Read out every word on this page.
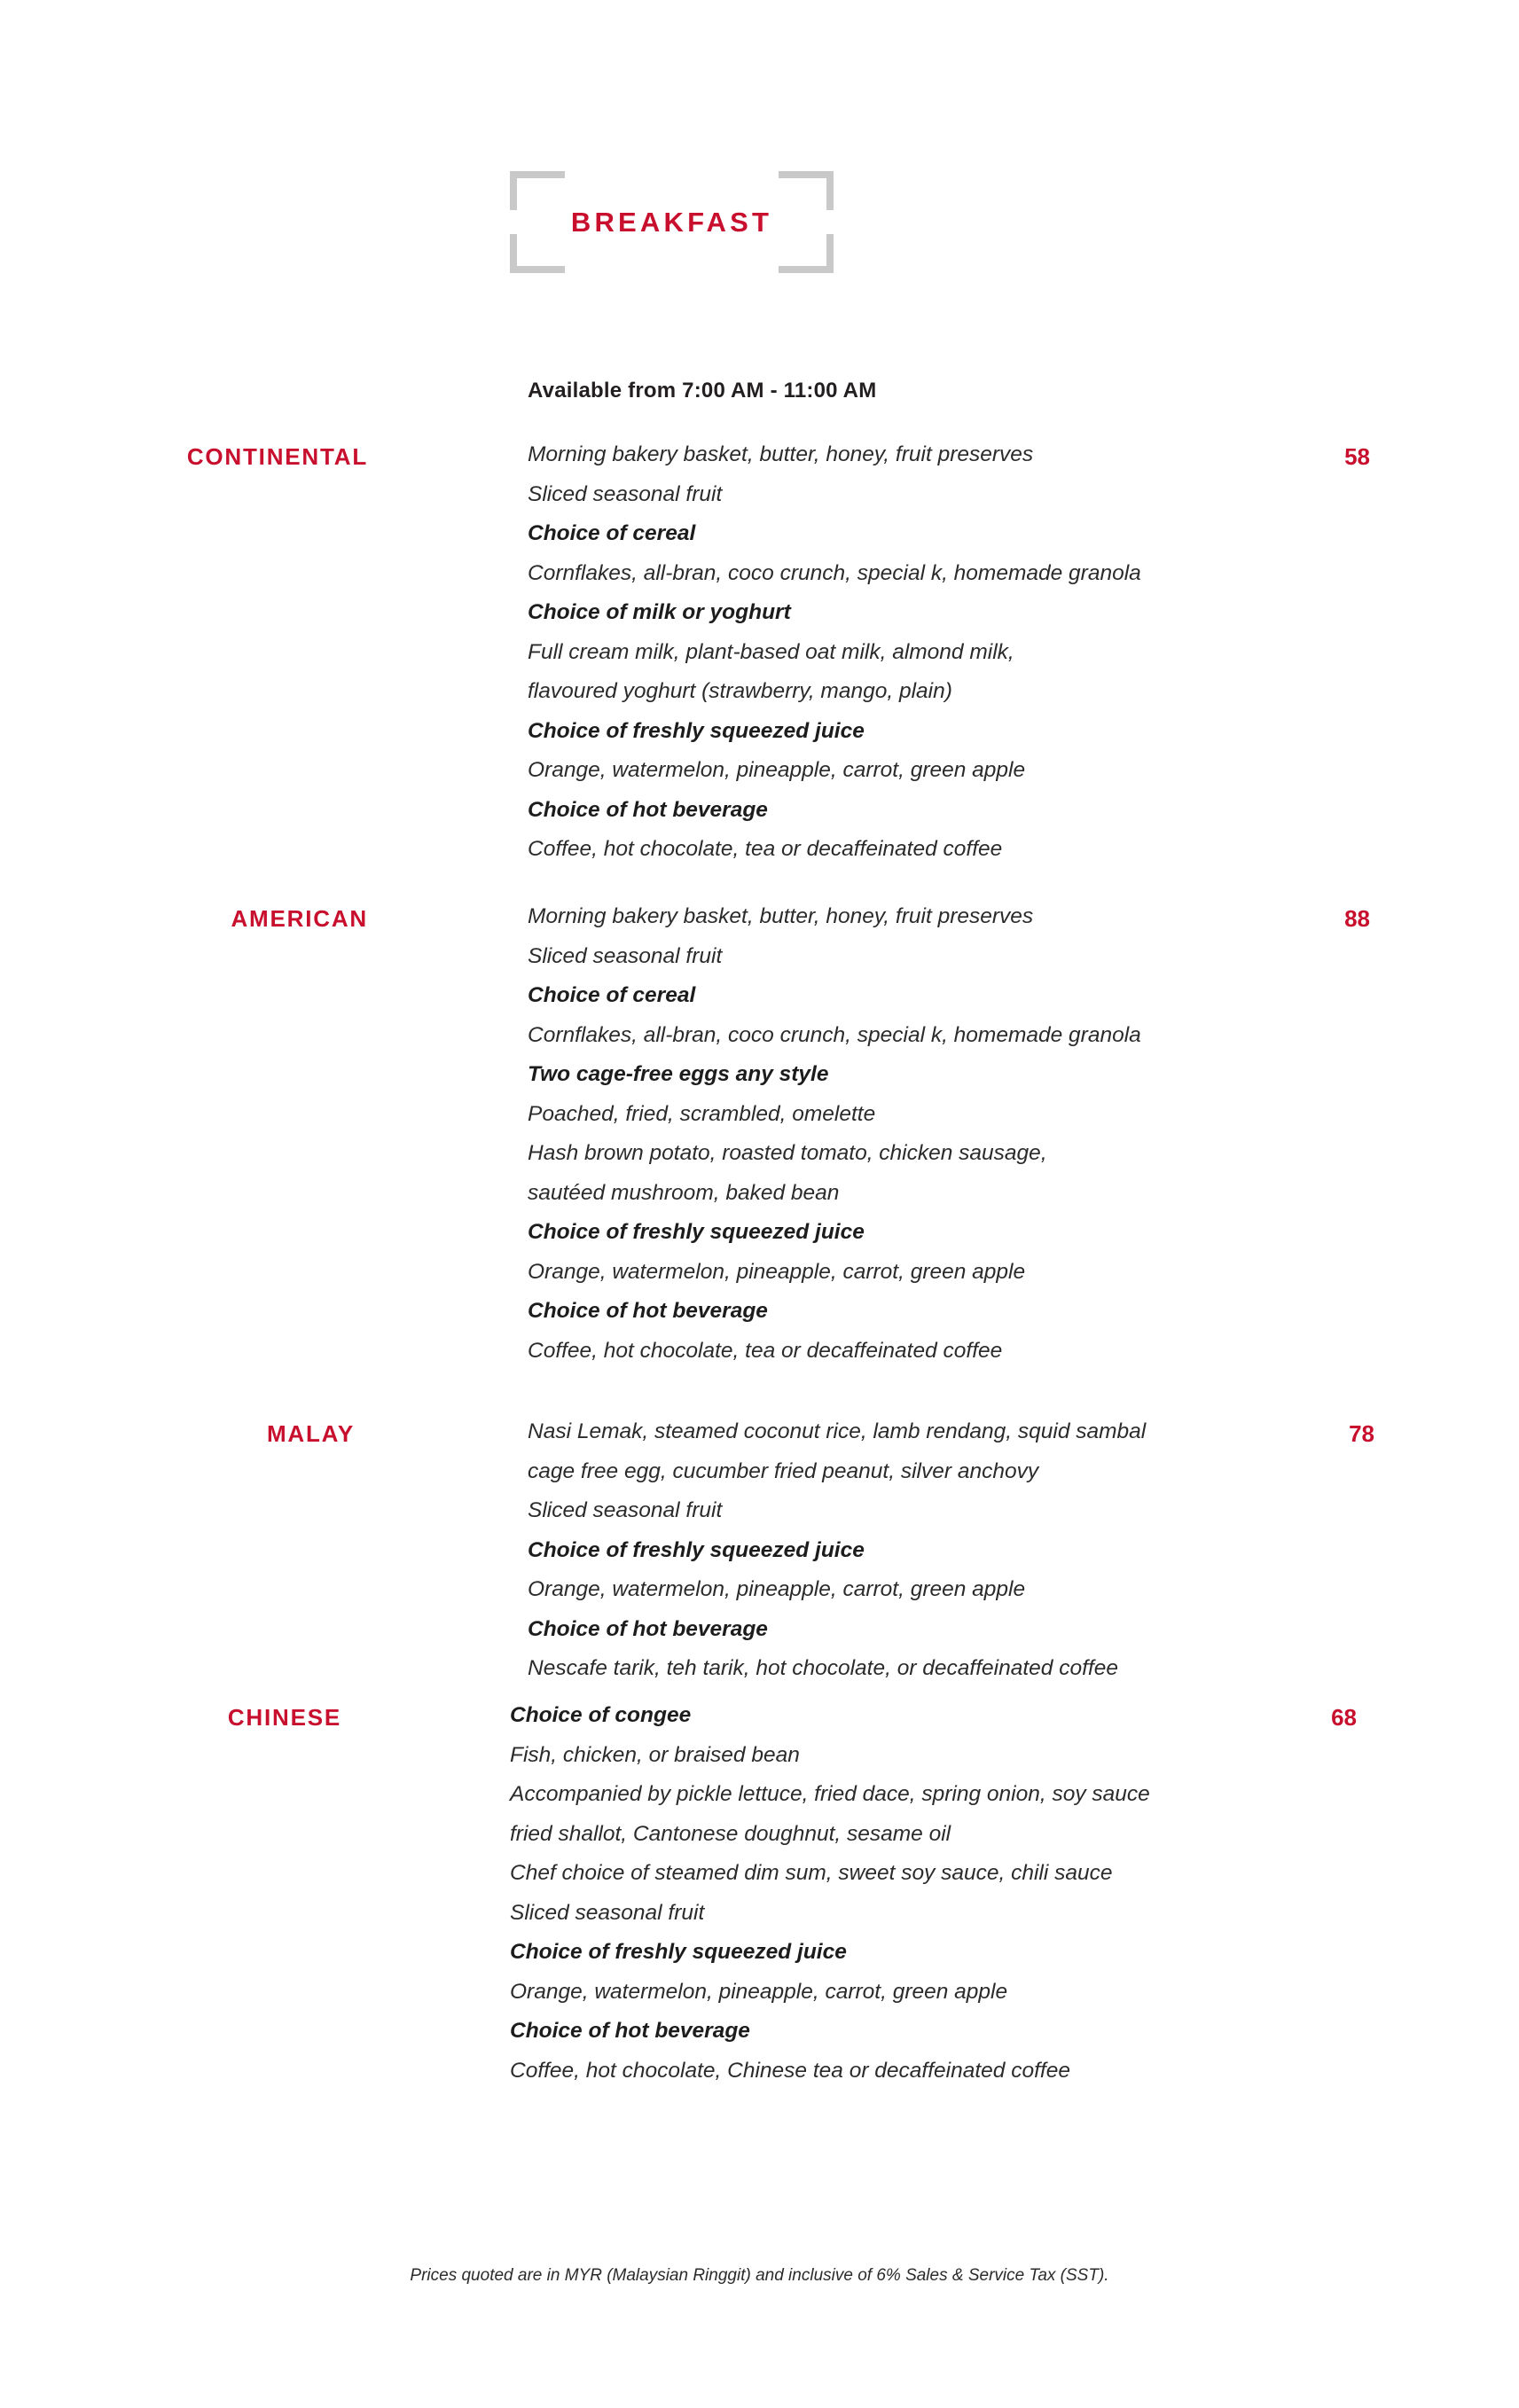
BREAKFAST
Available from 7:00 AM - 11:00 AM
CONTINENTAL	Morning bakery basket, butter, honey, fruit preserves
Sliced seasonal fruit
Choice of cereal
Cornflakes, all-bran, coco crunch, special k, homemade granola
Choice of milk or yoghurt
Full cream milk, plant-based oat milk, almond milk,
flavoured yoghurt (strawberry, mango, plain)
Choice of freshly squeezed juice
Orange, watermelon, pineapple, carrot, green apple
Choice of hot beverage
Coffee, hot chocolate, tea or decaffeinated coffee
58
AMERICAN	Morning bakery basket, butter, honey, fruit preserves
Sliced seasonal fruit
Choice of cereal
Cornflakes, all-bran, coco crunch, special k, homemade granola
Two cage-free eggs any style
Poached, fried, scrambled, omelette
Hash brown potato, roasted tomato, chicken sausage,
sautéed mushroom, baked bean
Choice of freshly squeezed juice
Orange, watermelon, pineapple, carrot, green apple
Choice of hot beverage
Coffee, hot chocolate, tea or decaffeinated coffee
88
MALAY	Nasi Lemak, steamed coconut rice, lamb rendang, squid sambal
cage free egg, cucumber fried peanut, silver anchovy
Sliced seasonal fruit
Choice of freshly squeezed juice
Orange, watermelon, pineapple, carrot, green apple
Choice of hot beverage
Nescafe tarik, teh tarik, hot chocolate, or decaffeinated coffee
78
CHINESE	Choice of congee
Fish, chicken, or braised bean
Accompanied by pickle lettuce, fried dace, spring onion, soy sauce
fried shallot, Cantonese doughnut, sesame oil
Chef choice of steamed dim sum, sweet soy sauce, chili sauce
Sliced seasonal fruit
Choice of freshly squeezed juice
Orange, watermelon, pineapple, carrot, green apple
Choice of hot beverage
Coffee, hot chocolate, Chinese tea or decaffeinated coffee
68
Prices quoted are in MYR (Malaysian Ringgit) and inclusive of 6% Sales & Service Tax (SST).
